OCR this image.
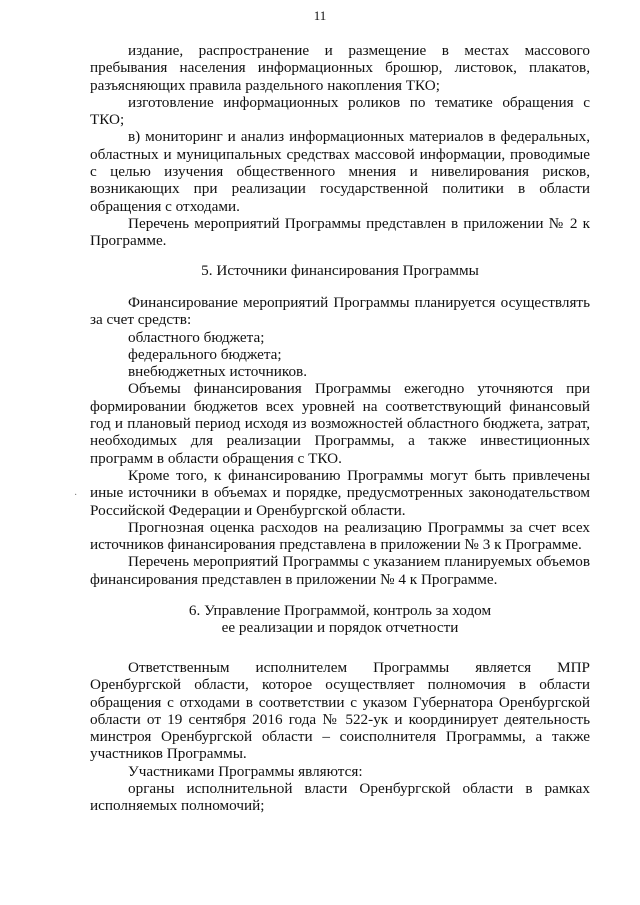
11

издание, распространение и размещение в местах массового пребывания населения информационных брошюр, листовок, плакатов, разъясняющих правила раздельного накопления ТКО;

изготовление информационных роликов по тематике обращения с ТКО;

в) мониторинг и анализ информационных материалов в федеральных, областных и муниципальных средствах массовой информации, проводимые с целью изучения общественного мнения и нивелирования рисков, возникающих при реализации государственной политики в области обращения с отходами.

Перечень мероприятий Программы представлен в приложении № 2 к Программе.

5. Источники финансирования Программы

Финансирование мероприятий Программы планируется осуществлять за счет средств:

областного бюджета;

федерального бюджета;

внебюджетных источников.

Объемы финансирования Программы ежегодно уточняются при формировании бюджетов всех уровней на соответствующий финансовый год и плановый период исходя из возможностей областного бюджета, затрат, необходимых для реализации Программы, а также инвестиционных программ в области обращения с ТКО.

Кроме того, к финансированию Программы могут быть привлечены иные источники в объемах и порядке, предусмотренных законодательством Российской Федерации и Оренбургской области.

Прогнозная оценка расходов на реализацию Программы за счет всех источников финансирования представлена в приложении № 3 к Программе.

Перечень мероприятий Программы с указанием планируемых объемов финансирования представлен в приложении № 4 к Программе.

·
6. Управление Программой, контроль за ходом
ее реализации и порядок отчетности

Ответственным исполнителем Программы является МПР Оренбургской области, которое осуществляет полномочия в области обращения с отходами в соответствии с указом Губернатора Оренбургской области от 19 сентября 2016 года № 522-ук и координирует деятельность минстроя Оренбургской области – соисполнителя Программы, а также участников Программы.

Участниками Программы являются:

органы исполнительной власти Оренбургской области в рамках исполняемых полномочий;
